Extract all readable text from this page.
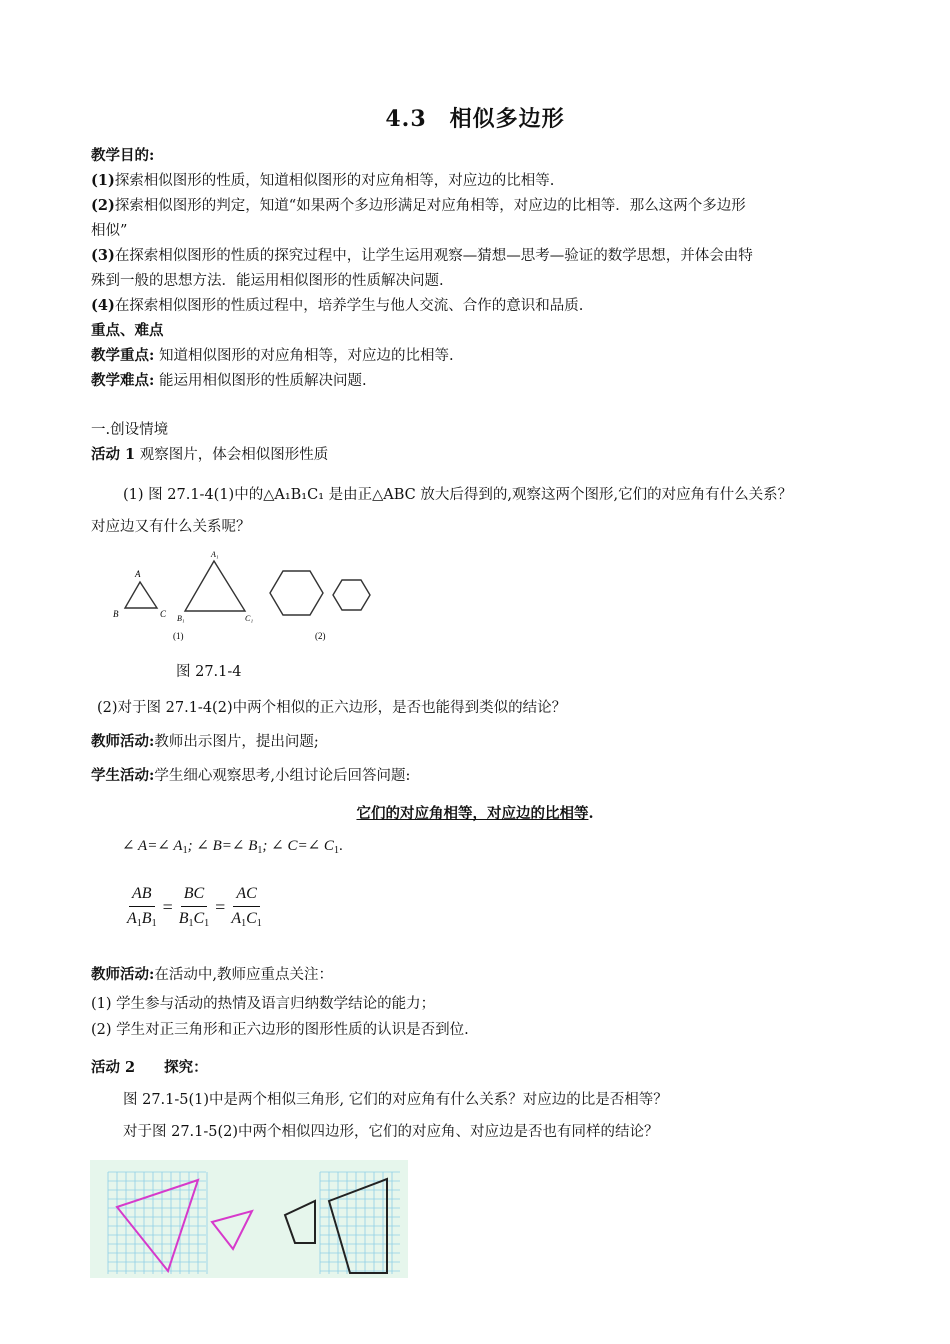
4.3　相似多边形
教学目的:
(1)探索相似图形的性质，知道相似图形的对应角相等，对应边的比相等.
(2)探索相似图形的判定，知道“如果两个多边形满足对应角相等，对应边的比相等．那么这两个多边形
相似”
(3)在探索相似图形的性质的探究过程中，让学生运用观察—猜想—思考—验证的数学思想，并体会由特
殊到一般的思想方法．能运用相似图形的性质解决问题.
(4)在探索相似图形的性质过程中，培养学生与他人交流、合作的意识和品质.
重点、难点
教学重点: 知道相似图形的对应角相等，对应边的比相等.
教学难点: 能运用相似图形的性质解决问题.
一.创设情境
活动 1 观察图片，体会相似图形性质
(1) 图 27.1-4(1)中的△A₁B₁C₁ 是由正△ABC 放大后得到的,观察这两个图形,它们的对应角有什么关系？
对应边又有什么关系呢？
A
B	C
A₁
B₁	C₁
(1)	(2)
图 27.1-4
(2)对于图 27.1-4(2)中两个相似的正六边形，是否也能得到类似的结论？
教师活动:教师出示图片，提出问题;
学生活动:学生细心观察思考,小组讨论后回答问题:
它们的对应角相等，对应边的比相等.
∠ A=∠ $A_1$; ∠ B=∠ $B_1$; ∠ C=∠ $C_1$.
$\frac{AB}{A_1B_1} = \frac{BC}{B_1C_1} = \frac{AC}{A_1C_1}$
教师活动:在活动中,教师应重点关注：
(1) 学生参与活动的热情及语言归纳数学结论的能力；
(2) 学生对正三角形和正六边形的图形性质的认识是否到位.
活动 2　　探究：
图 27.1-5(1)中是两个相似三角形, 它们的对应角有什么关系？对应边的比是否相等？
对于图 27.1-5(2)中两个相似四边形，它们的对应角、对应边是否也有同样的结论？
